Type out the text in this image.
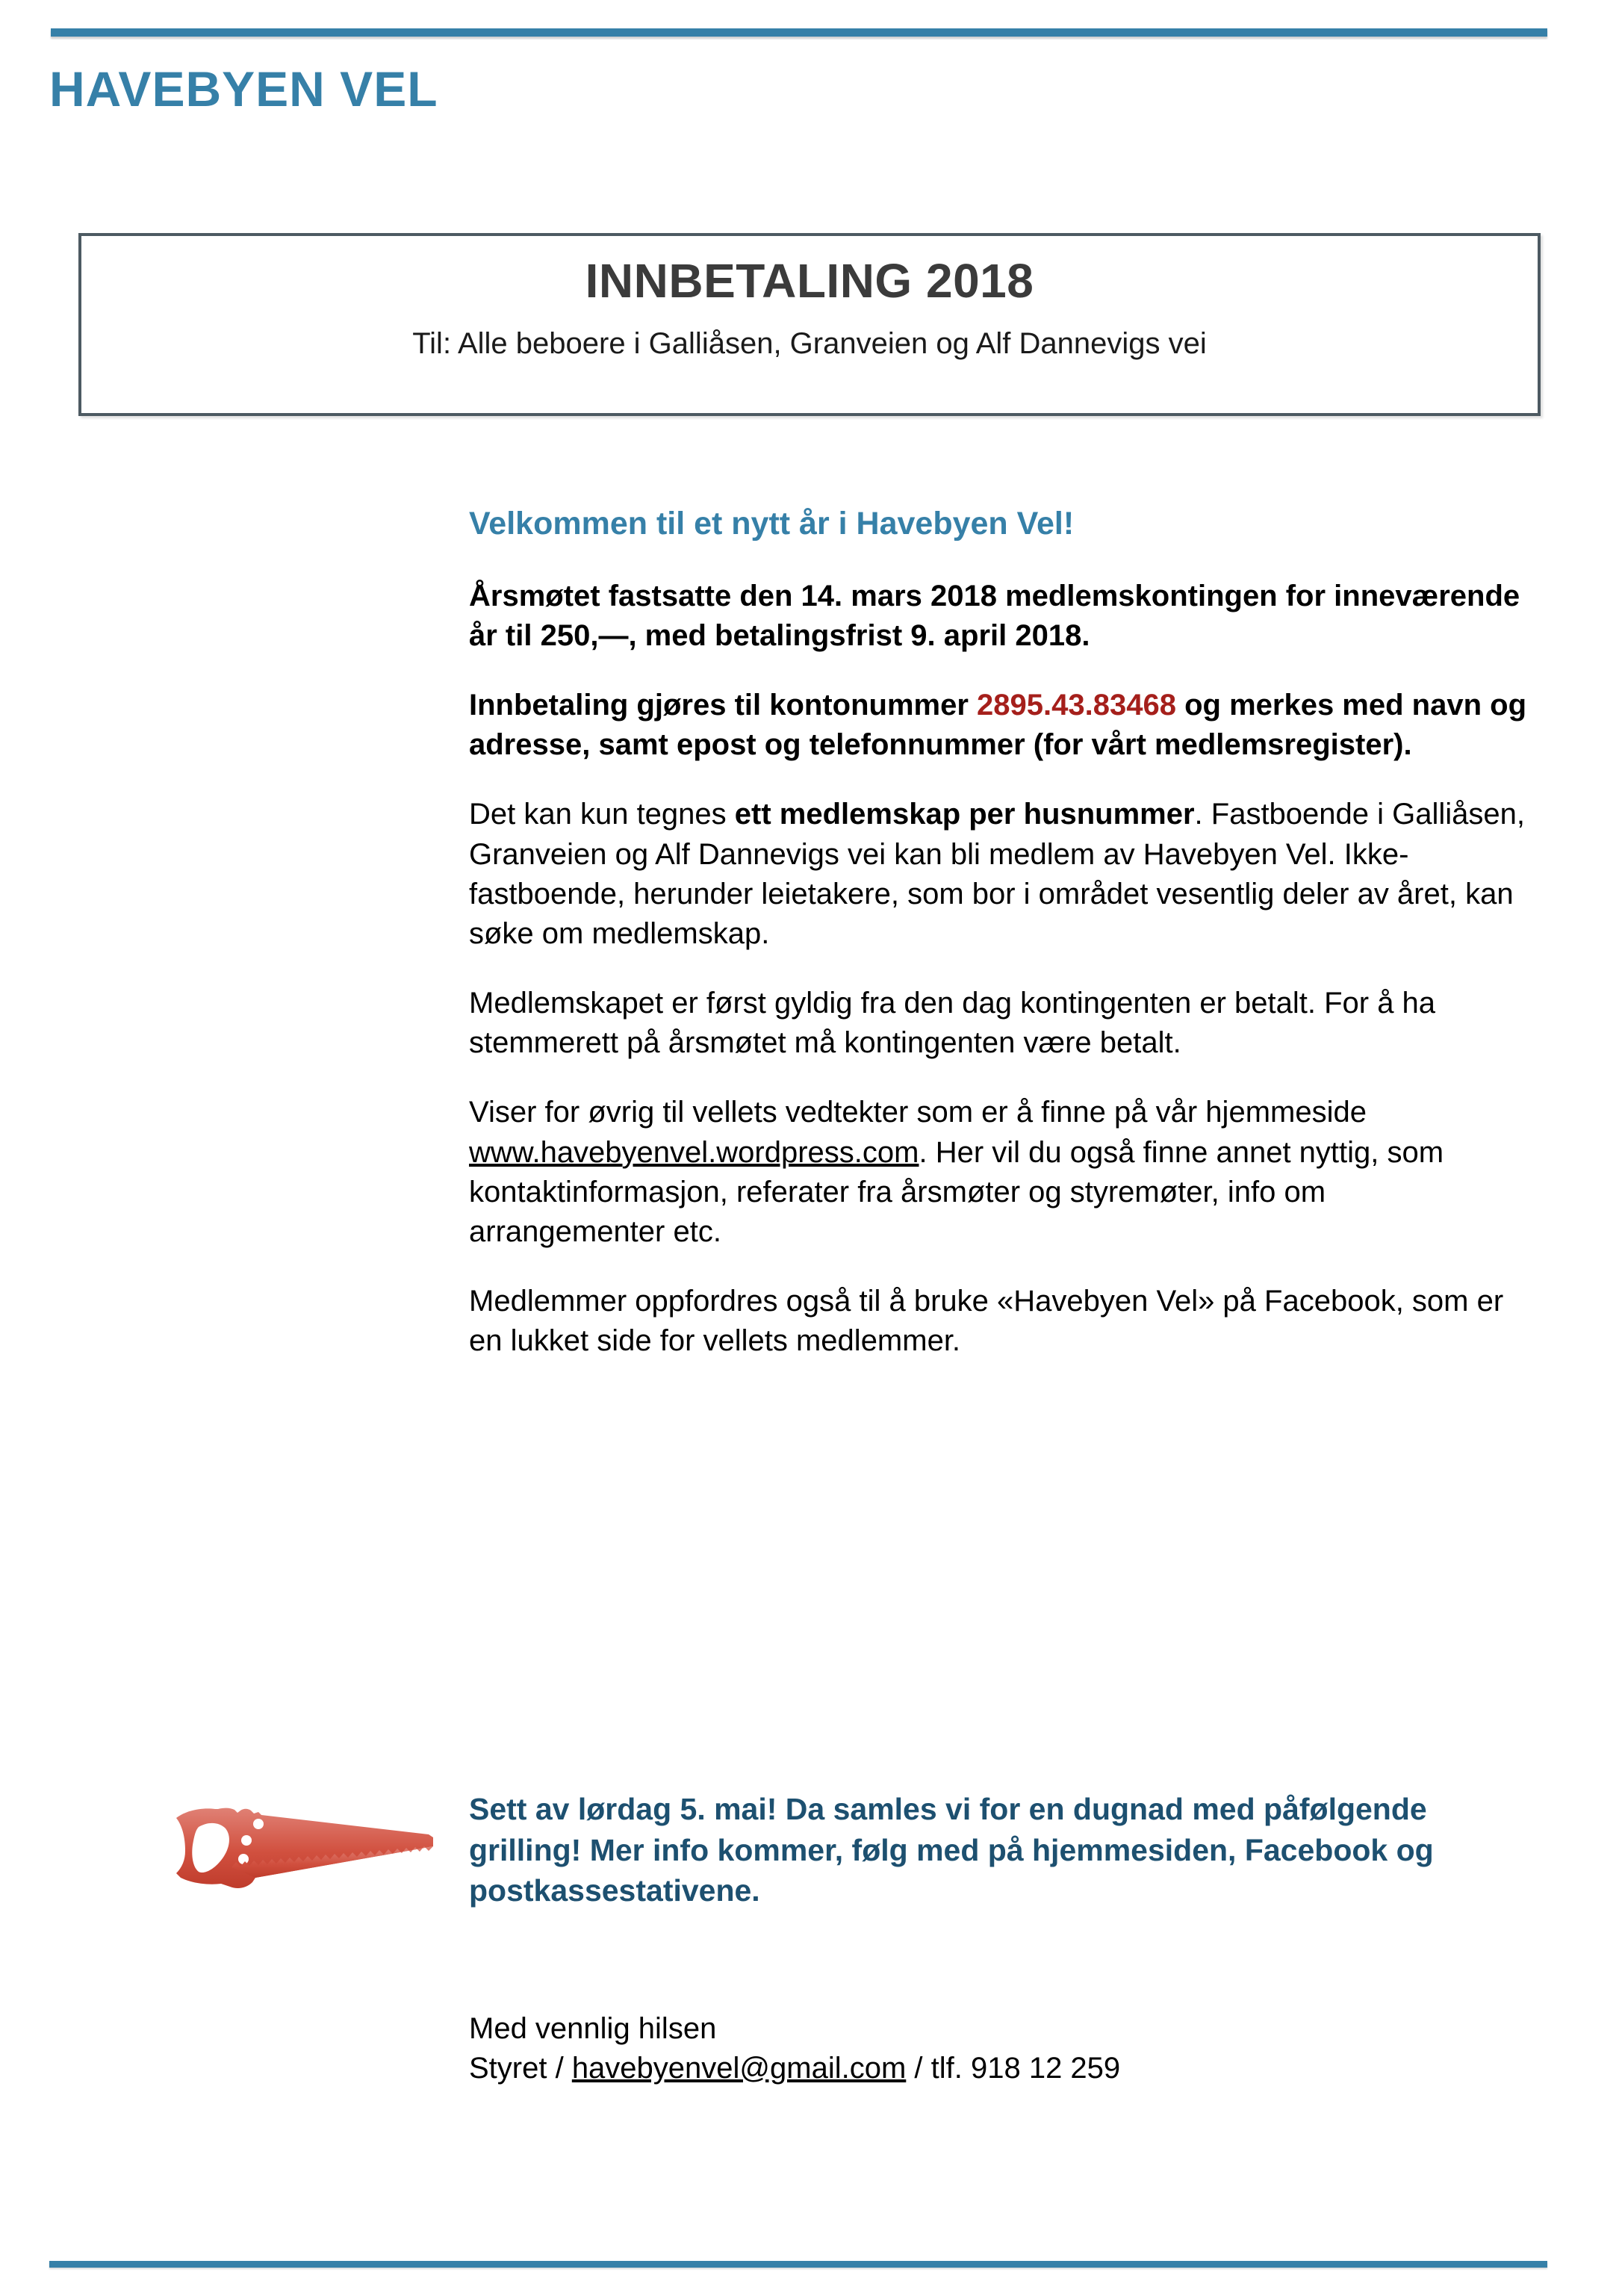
HAVEBYEN VEL
INNBETALING 2018
Til: Alle beboere i Galliåsen, Granveien og Alf Dannevigs vei
Velkommen til et nytt år i Havebyen Vel!

Årsmøtet fastsatte den 14. mars 2018 medlemskontingen for inneværende år til 250,—, med betalingsfrist 9. april 2018.

Innbetaling gjøres til kontonummer 2895.43.83468 og merkes med navn og adresse, samt epost og telefonnummer (for vårt medlemsregister).

Det kan kun tegnes ett medlemskap per husnummer. Fastboende i Galliåsen, Granveien og Alf Dannevigs vei kan bli medlem av Havebyen Vel. Ikke-fastboende, herunder leietakere, som bor i området vesentlig deler av året, kan søke om medlemskap.

Medlemskapet er først gyldig fra den dag kontingenten er betalt. For å ha stemmerett på årsmøtet må kontingenten være betalt.

Viser for øvrig til vellets vedtekter som er å finne på vår hjemmeside www.havebyenvel.wordpress.com. Her vil du også finne annet nyttig, som kontaktinformasjon, referater fra årsmøter og styremøter, info om arrangementer etc.

Medlemmer oppfordres også til å bruke «Havebyen Vel» på Facebook, som er en lukket side for vellets medlemmer.

Sett av lørdag 5. mai! Da samles vi for en dugnad med påfølgende grilling! Mer info kommer, følg med på hjemmesiden, Facebook og postkassestativene.
Med vennlig hilsen
Styret / havebyenvel@gmail.com / tlf. 918 12 259
